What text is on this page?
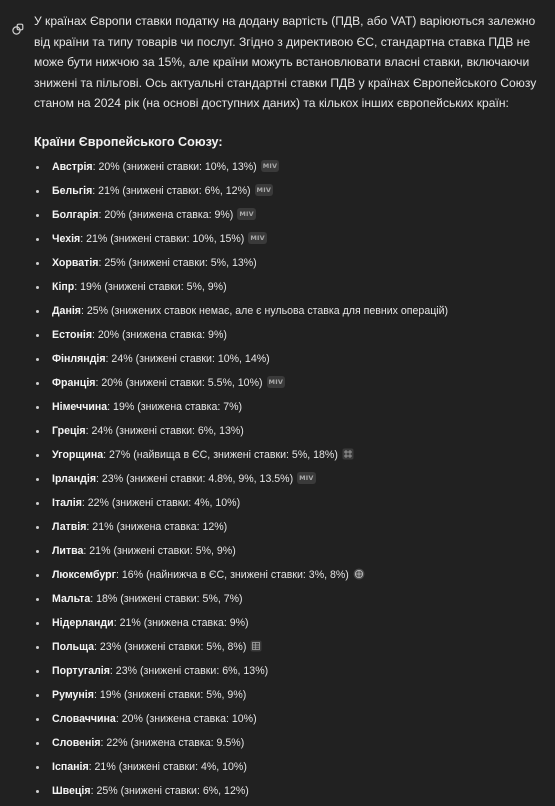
У країнах Європи ставки податку на додану вартість (ПДВ, або VAT) варіюються залежно від країни та типу товарів чи послуг. Згідно з директивою ЄС, стандартна ставка ПДВ не може бути нижчою за 15%, але країни можуть встановлювати власні ставки, включаючи знижені та пільгові. Ось актуальні стандартні ставки ПДВ у країнах Європейського Союзу станом на 2024 рік (на основі доступних даних) та кількох інших європейських країн:

Країни Європейського Союзу:
Австрія: 20% (знижені ставки: 10%, 13%) MIV
Бельгія: 21% (знижені ставки: 6%, 12%) MIV
Болгарія: 20% (знижена ставка: 9%) MIV
Чехія: 21% (знижені ставки: 10%, 15%) MIV
Хорватія: 25% (знижені ставки: 5%, 13%)
Кіпр: 19% (знижені ставки: 5%, 9%)
Данія: 25% (знижених ставок немає, але є нульова ставка для певних операцій)
Естонія: 20% (знижена ставка: 9%)
Фінляндія: 24% (знижені ставки: 10%, 14%)
Франція: 20% (знижені ставки: 5.5%, 10%) MIV
Німеччина: 19% (знижена ставка: 7%)
Греція: 24% (знижені ставки: 6%, 13%)
Угорщина: 27% (найвища в ЄС, знижені ставки: 5%, 18%)
Ірландія: 23% (знижені ставки: 4.8%, 9%, 13.5%) MIV
Італія: 22% (знижені ставки: 4%, 10%)
Латвія: 21% (знижена ставка: 12%)
Литва: 21% (знижені ставки: 5%, 9%)
Люксембург: 16% (найнижча в ЄС, знижені ставки: 3%, 8%)
Мальта: 18% (знижені ставки: 5%, 7%)
Нідерланди: 21% (знижена ставка: 9%)
Польща: 23% (знижені ставки: 5%, 8%)
Португалія: 23% (знижені ставки: 6%, 13%)
Румунія: 19% (знижені ставки: 5%, 9%)
Словаччина: 20% (знижена ставка: 10%)
Словенія: 22% (знижена ставка: 9.5%)
Іспанія: 21% (знижені ставки: 4%, 10%)
Швеція: 25% (знижені ставки: 6%, 12%)
